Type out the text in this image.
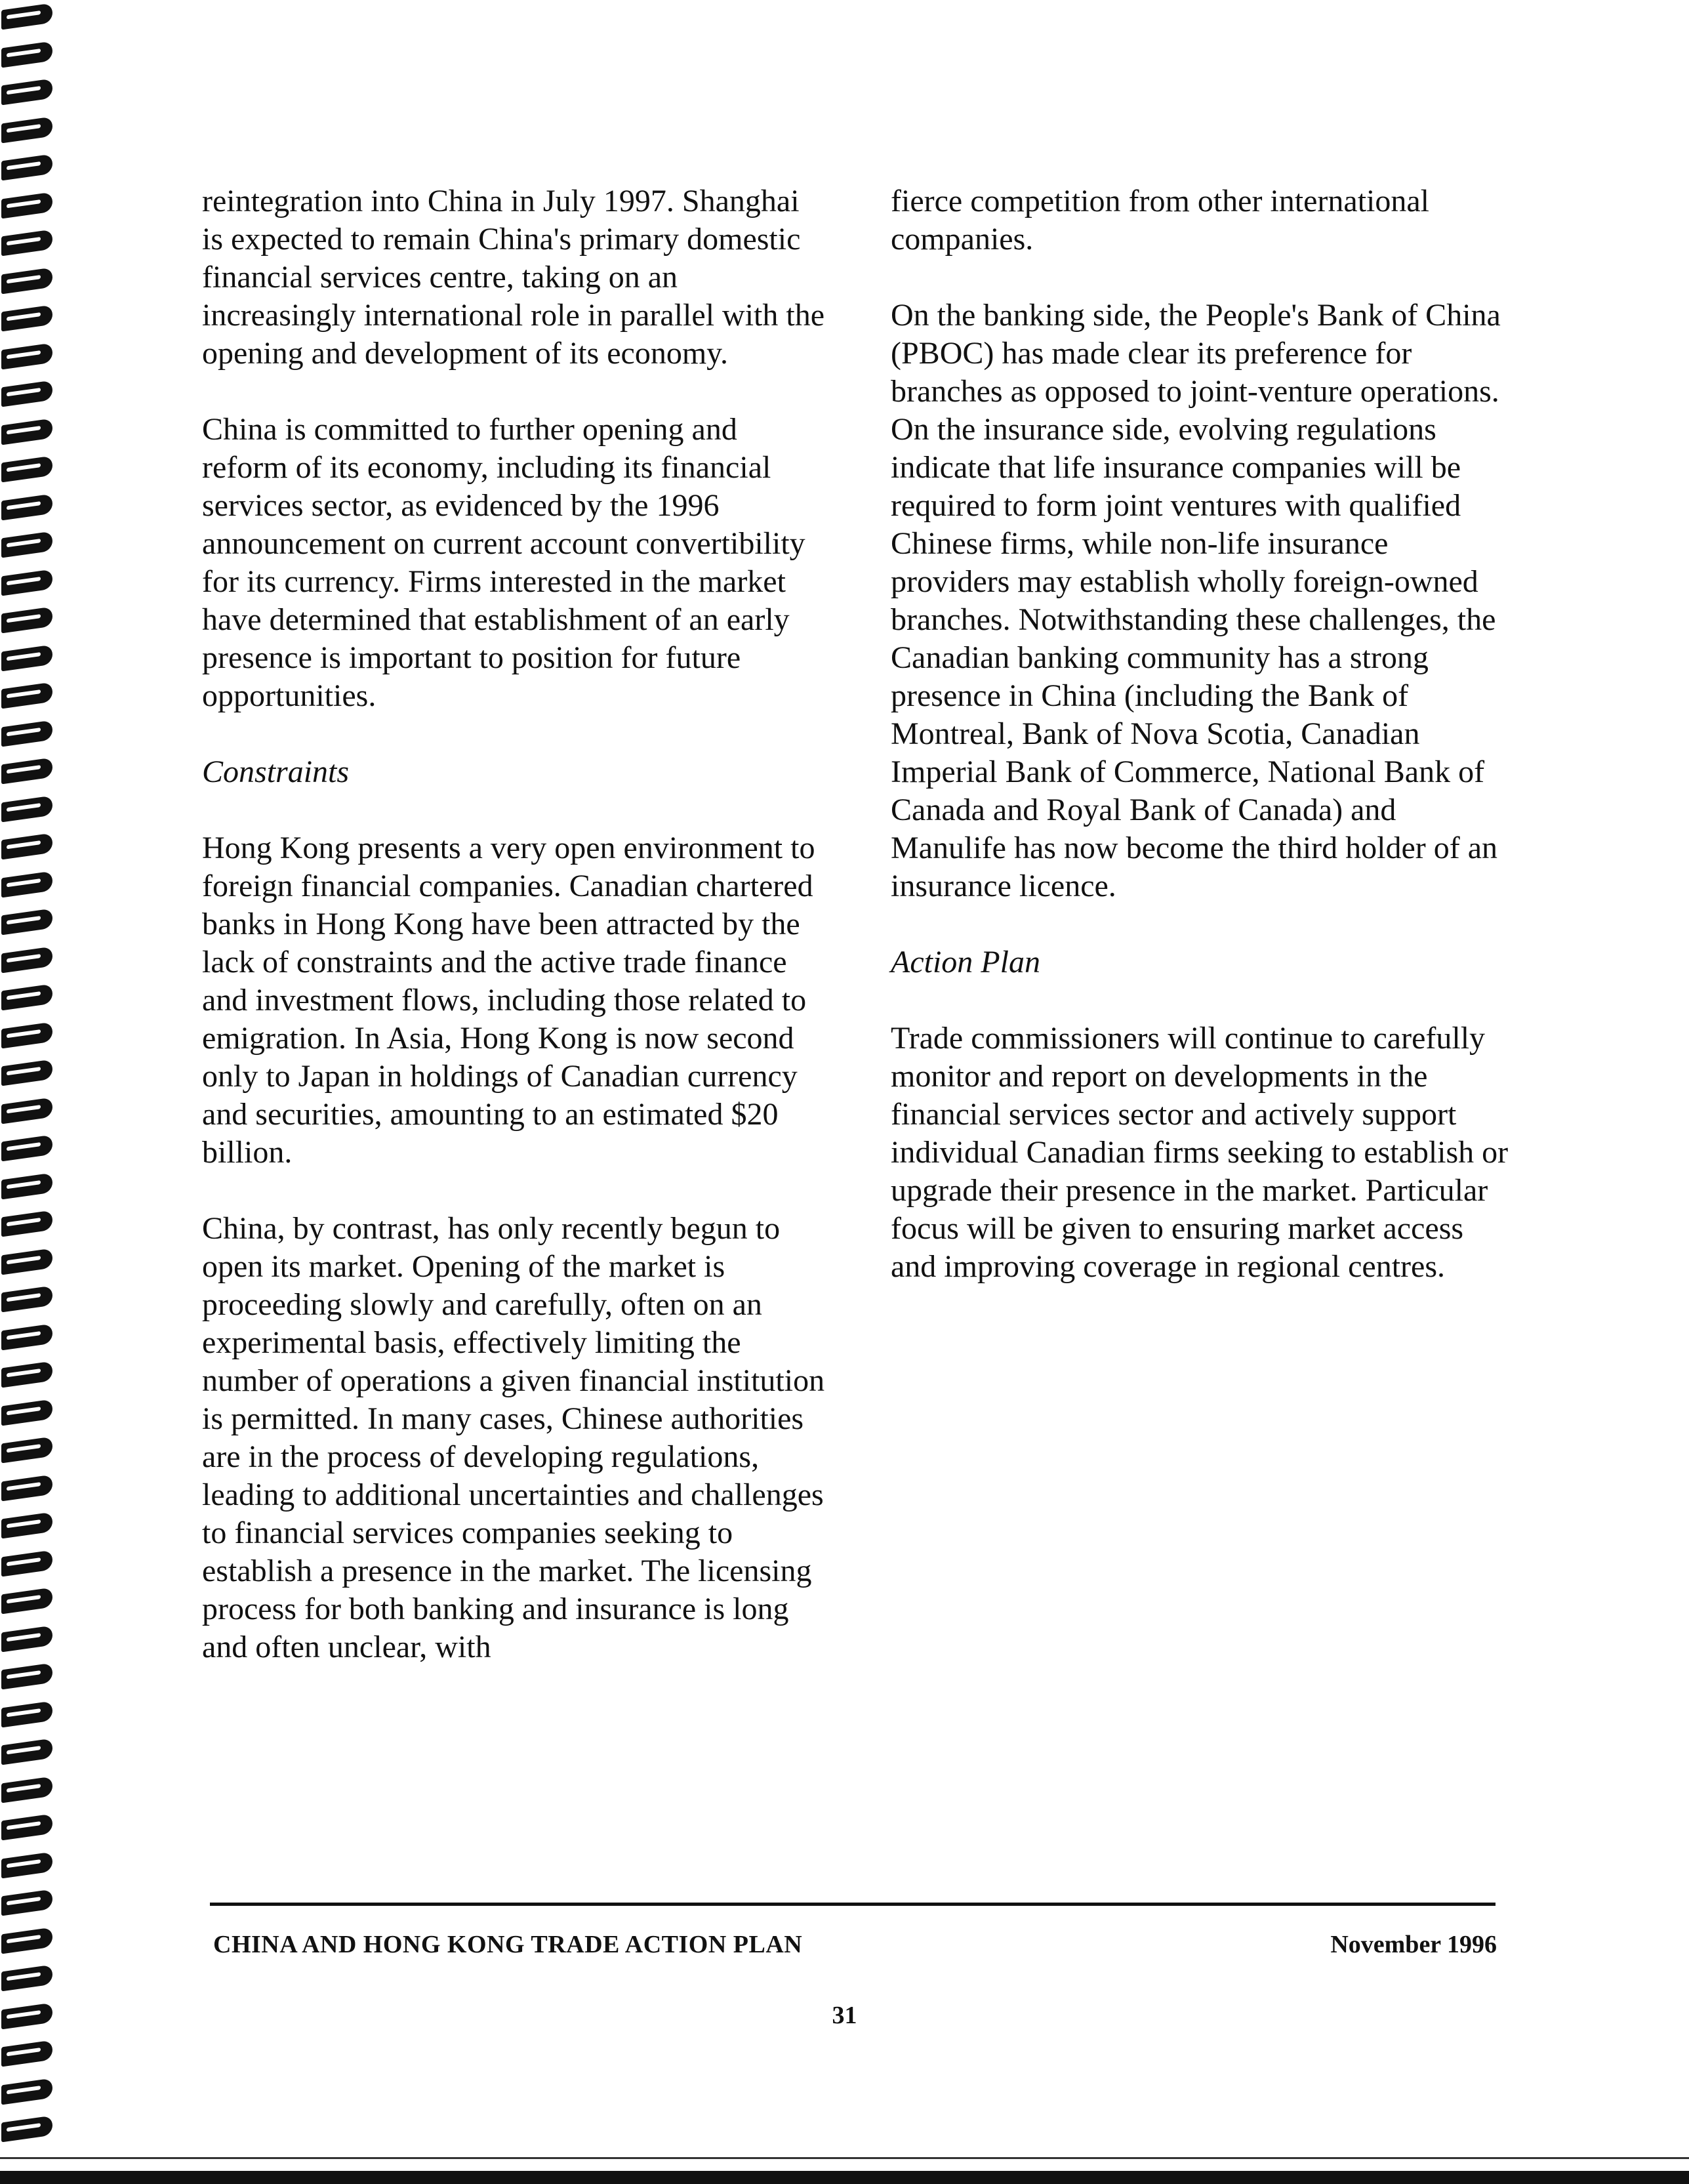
reintegration into China in July 1997. Shanghai is expected to remain China's primary domestic financial services centre, taking on an increasingly international role in parallel with the opening and development of its economy.

China is committed to further opening and reform of its economy, including its financial services sector, as evidenced by the 1996 announcement on current account convertibility for its currency. Firms interested in the market have determined that establishment of an early presence is important to position for future opportunities.

Constraints

Hong Kong presents a very open environment to foreign financial companies. Canadian chartered banks in Hong Kong have been attracted by the lack of constraints and the active trade finance and investment flows, including those related to emigration. In Asia, Hong Kong is now second only to Japan in holdings of Canadian currency and securities, amounting to an estimated $20 billion.

China, by contrast, has only recently begun to open its market. Opening of the market is proceeding slowly and carefully, often on an experimental basis, effectively limiting the number of operations a given financial institution is permitted. In many cases, Chinese authorities are in the process of developing regulations, leading to additional uncertainties and challenges to financial services companies seeking to establish a presence in the market. The licensing process for both banking and insurance is long and often unclear, with

fierce competition from other international companies.

On the banking side, the People's Bank of China (PBOC) has made clear its preference for branches as opposed to joint-venture operations. On the insurance side, evolving regulations indicate that life insurance companies will be required to form joint ventures with qualified Chinese firms, while non-life insurance providers may establish wholly foreign-owned branches. Notwithstanding these challenges, the Canadian banking community has a strong presence in China (including the Bank of Montreal, Bank of Nova Scotia, Canadian Imperial Bank of Commerce, National Bank of Canada and Royal Bank of Canada) and Manulife has now become the third holder of an insurance licence.

Action Plan

Trade commissioners will continue to carefully monitor and report on developments in the financial services sector and actively support individual Canadian firms seeking to establish or upgrade their presence in the market. Particular focus will be given to ensuring market access and improving coverage in regional centres.

CHINA AND HONG KONG TRADE ACTION PLAN	November 1996
31
